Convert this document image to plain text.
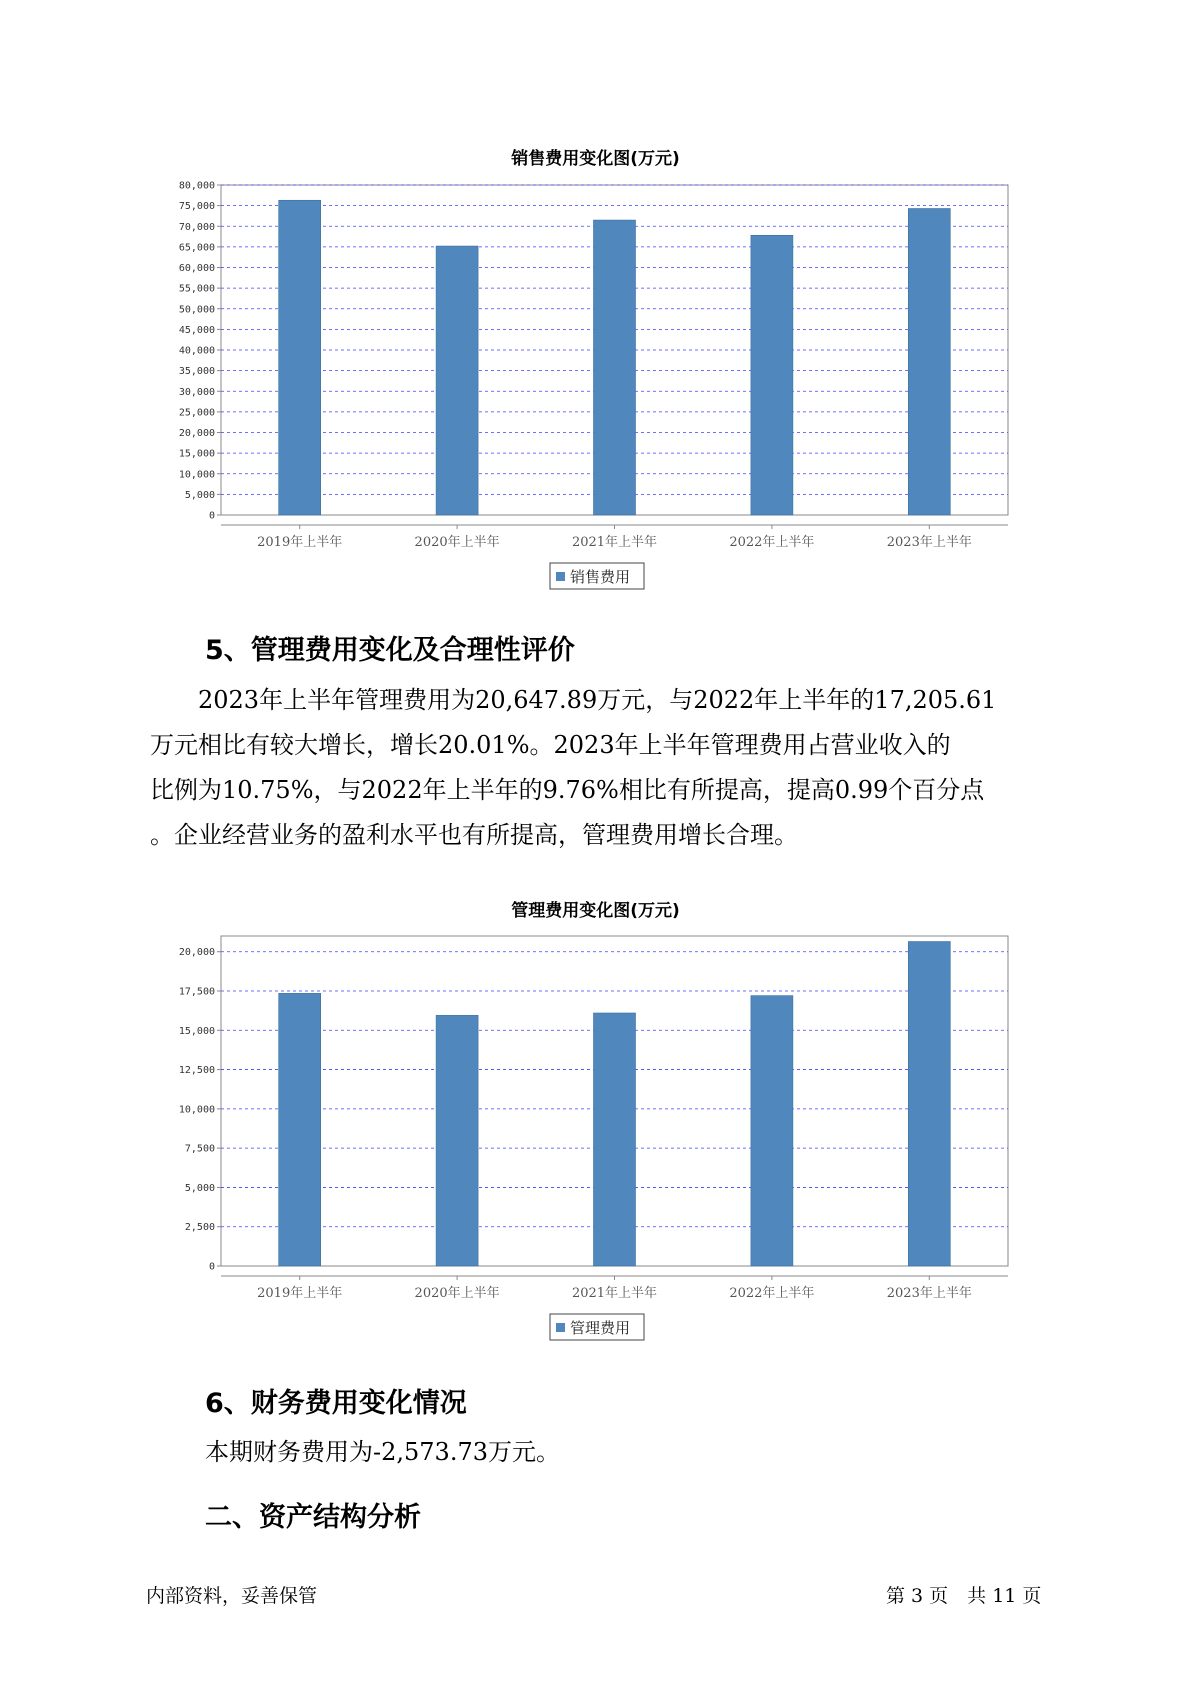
销售费用变化图(万元)
0
5,000
10,000
15,000
20,000
25,000
30,000
35,000
40,000
45,000
50,000
55,000
60,000
65,000
70,000
75,000
80,000
2019年上半年	2020年上半年	2021年上半年	2022年上半年	2023年上半年
销售费用
5、管理费用变化及合理性评价
2023年上半年管理费用为20,647.89万元，与2022年上半年的17,205.61
万元相比有较大增长，增长20.01%。2023年上半年管理费用占营业收入的
比例为10.75%，与2022年上半年的9.76%相比有所提高，提高0.99个百分点
。企业经营业务的盈利水平也有所提高，管理费用增长合理。
管理费用变化图(万元)
0
2,500
5,000
7,500
10,000
12,500
15,000
17,500
20,000
2019年上半年	2020年上半年	2021年上半年	2022年上半年	2023年上半年
管理费用
6、财务费用变化情况
本期财务费用为-2,573.73万元。
二、资产结构分析
内部资料，妥善保管	第 3 页　共 11 页
